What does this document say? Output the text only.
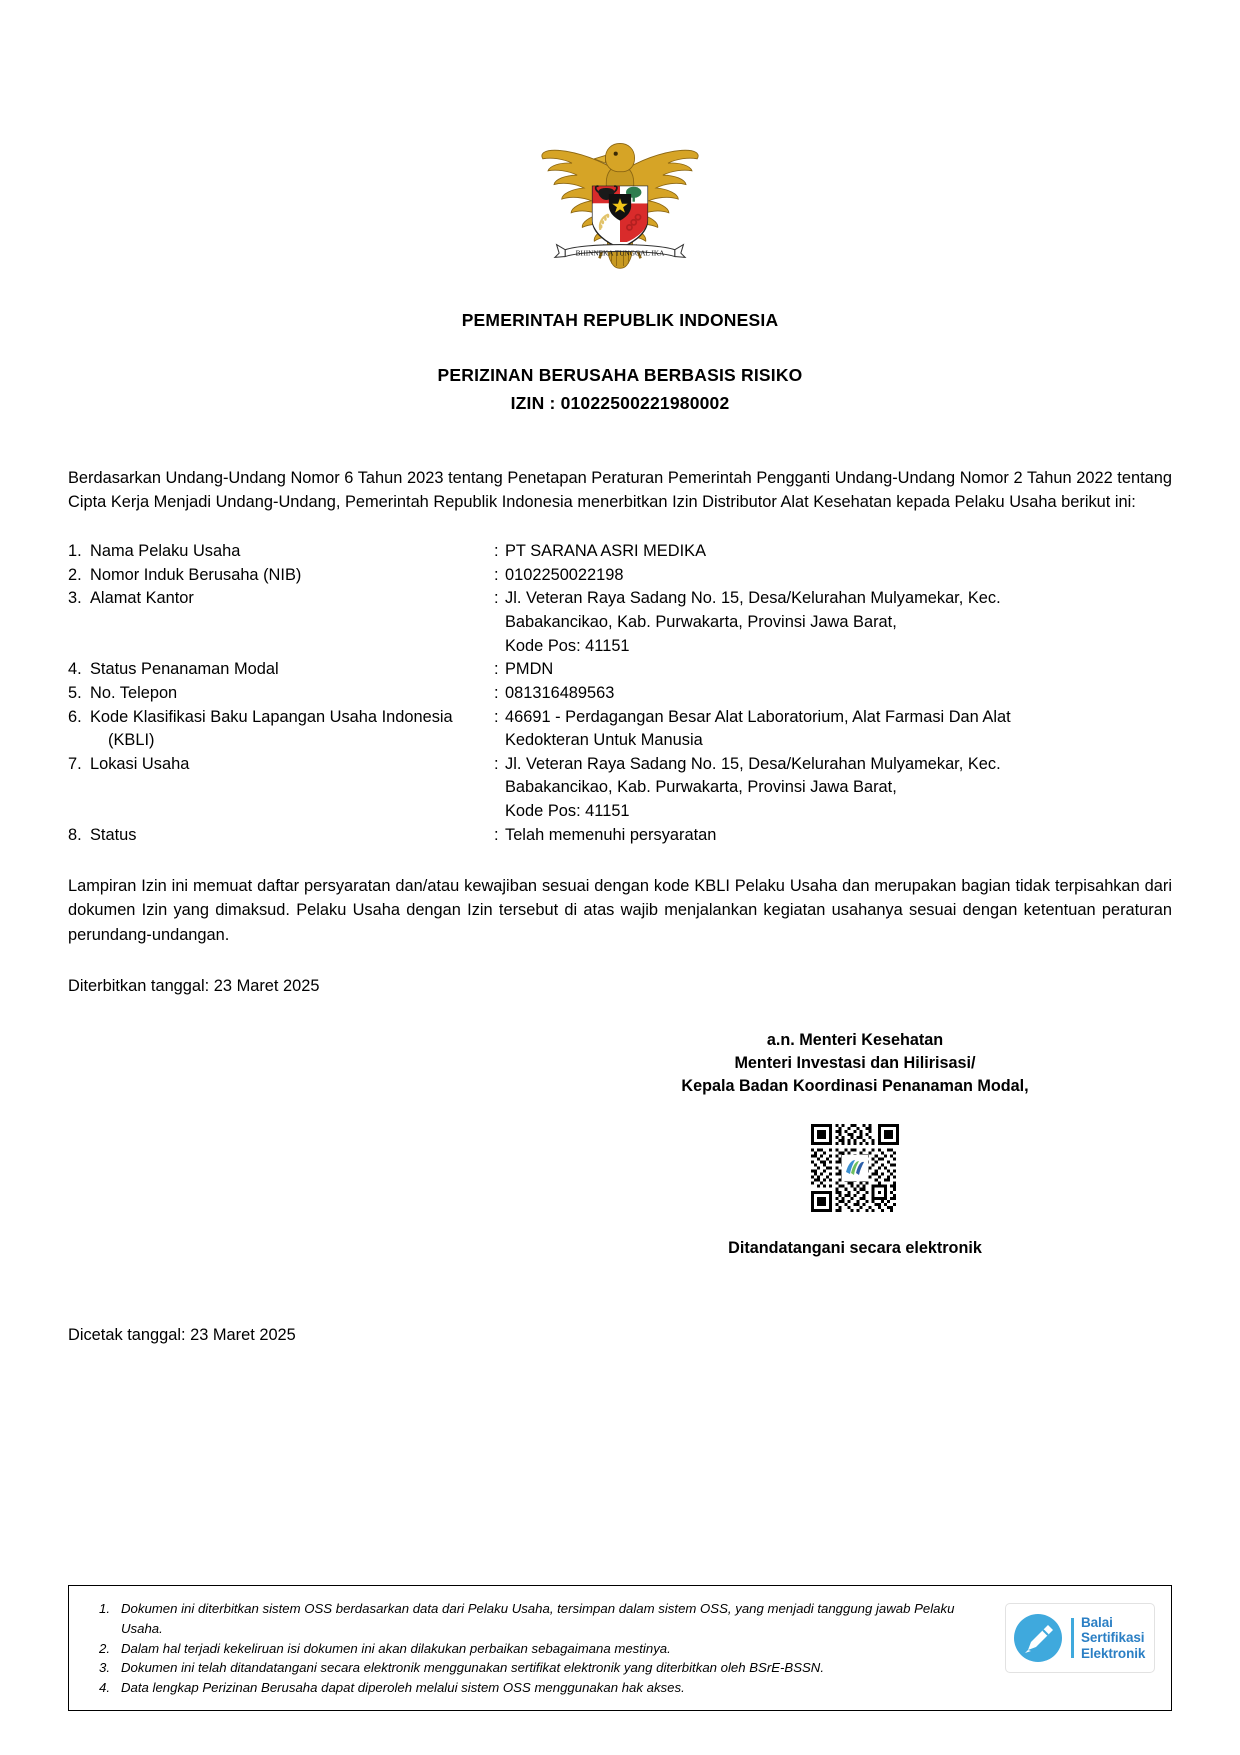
BHINNEKA TUNGGAL IKA
PEMERINTAH REPUBLIK INDONESIA
PERIZINAN BERUSAHA BERBASIS RISIKO
IZIN : 01022500221980002
Berdasarkan Undang-Undang Nomor 6 Tahun 2023 tentang Penetapan Peraturan Pemerintah Pengganti Undang-Undang Nomor 2 Tahun 2022 tentang Cipta Kerja Menjadi Undang-Undang, Pemerintah Republik Indonesia menerbitkan Izin Distributor Alat Kesehatan kepada Pelaku Usaha berikut ini:
1.	Nama Pelaku Usaha	:	PT SARANA ASRI MEDIKA
2.	Nomor Induk Berusaha (NIB)	:	0102250022198
3.	Alamat Kantor	:	Jl. Veteran Raya Sadang No. 15, Desa/Kelurahan Mulyamekar, Kec.
Babakancikao, Kab. Purwakarta, Provinsi Jawa Barat,
Kode Pos: 41151

4.	Status Penanaman Modal	:	PMDN
5.	No. Telepon	:	081316489563
6.	Kode Klasifikasi Baku Lapangan Usaha Indonesia
(KBLI)
	:	46691 - Perdagangan Besar Alat Laboratorium, Alat Farmasi Dan Alat
Kedokteran Untuk Manusia

7.	Lokasi Usaha	:	Jl. Veteran Raya Sadang No. 15, Desa/Kelurahan Mulyamekar, Kec.
Babakancikao, Kab. Purwakarta, Provinsi Jawa Barat,
Kode Pos: 41151

8.	Status	:	Telah memenuhi persyaratan
Lampiran Izin ini memuat daftar persyaratan dan/atau kewajiban sesuai dengan kode KBLI Pelaku Usaha dan merupakan bagian tidak terpisahkan dari dokumen Izin yang dimaksud. Pelaku Usaha dengan Izin tersebut di atas wajib menjalankan kegiatan usahanya sesuai dengan ketentuan peraturan perundang-undangan.
Diterbitkan tanggal: 23 Maret 2025
a.n. Menteri Kesehatan
Menteri Investasi dan Hilirisasi/
Kepala Badan Koordinasi Penanaman Modal,
Ditandatangani secara elektronik
Dicetak tanggal: 23 Maret 2025
1. Dokumen ini diterbitkan sistem OSS berdasarkan data dari Pelaku Usaha, tersimpan dalam sistem OSS, yang menjadi tanggung jawab Pelaku Usaha.
2. Dalam hal terjadi kekeliruan isi dokumen ini akan dilakukan perbaikan sebagaimana mestinya.
3. Dokumen ini telah ditandatangani secara elektronik menggunakan sertifikat elektronik yang diterbitkan oleh BSrE-BSSN.
4. Data lengkap Perizinan Berusaha dapat diperoleh melalui sistem OSS menggunakan hak akses.
Balai
Sertifikasi
Elektronik
